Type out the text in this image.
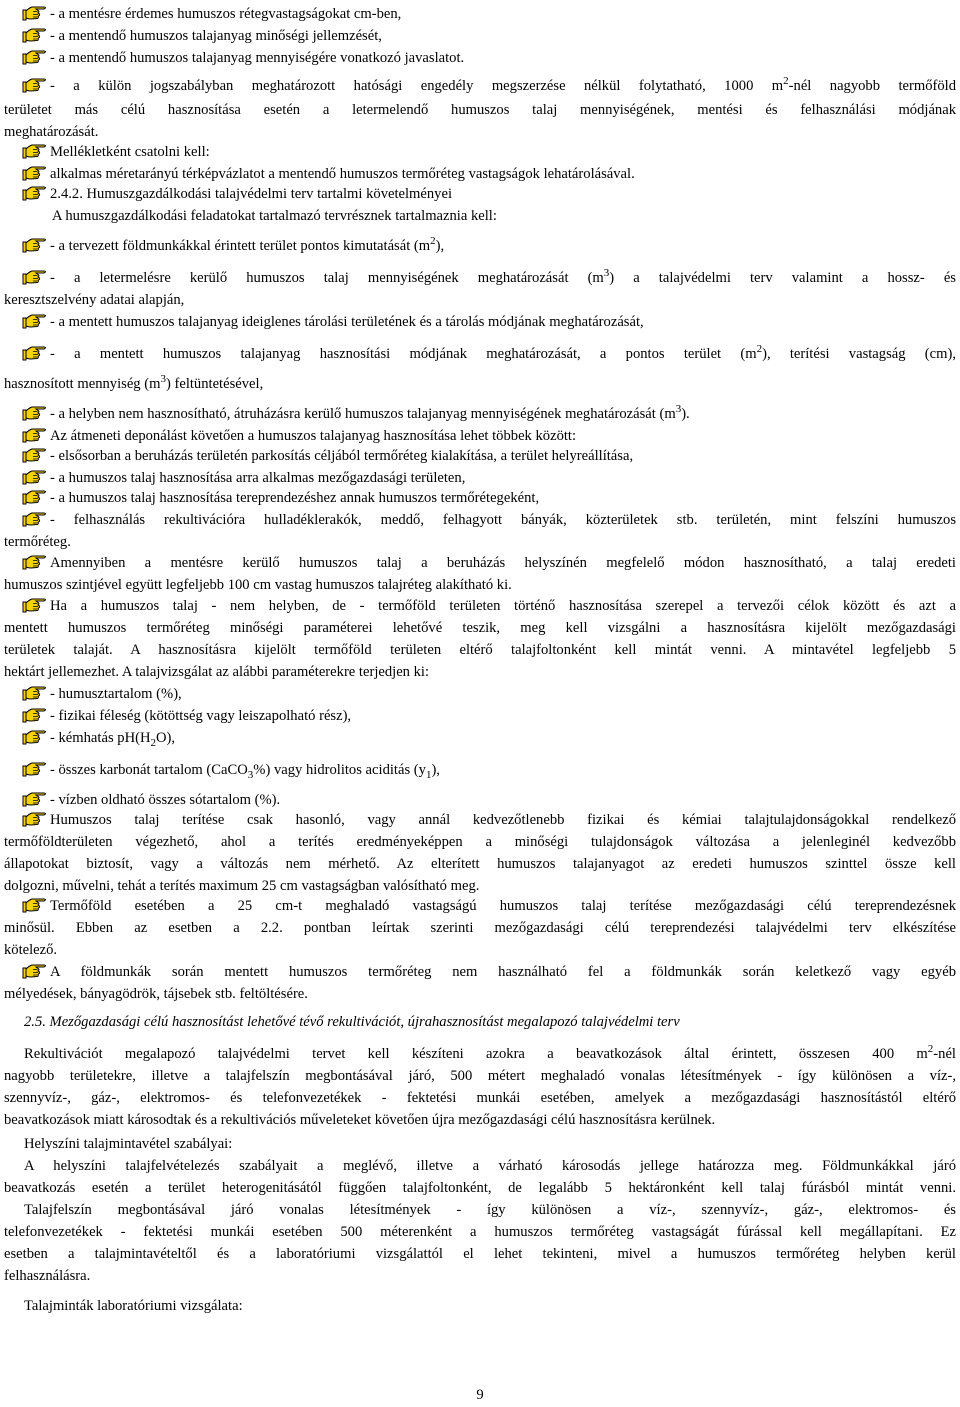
- a mentésre érdemes humuszos rétegvastagságokat cm-ben,
- a mentendő humuszos talajanyag minőségi jellemzését,
- a mentendő humuszos talajanyag mennyiségére vonatkozó javaslatot.
- a külön jogszabályban meghatározott hatósági engedély megszerzése nélkül folytatható, 1000 $m^2$-nél nagyobb termőföld
területet más célú hasznosítása esetén a letermelendő humuszos talaj mennyiségének, mentési és felhasználási módjának
meghatározását.
Mellékletként csatolni kell:
alkalmas méretarányú térképvázlatot a mentendő humuszos termőréteg vastagságok lehatárolásával.
2.4.2. Humuszgazdálkodási talajvédelmi terv tartalmi követelményei
A humuszgazdálkodási feladatokat tartalmazó tervrésznek tartalmaznia kell:
- a tervezett földmunkákkal érintett terület pontos kimutatását $(m^2)$,
- a letermelésre kerülő humuszos talaj mennyiségének meghatározását $(m^3)$ a talajvédelmi terv valamint a hossz- és
keresztszelvény adatai alapján,
- a mentett humuszos talajanyag ideiglenes tárolási területének és a tárolás módjának meghatározását,
- a mentett humuszos talajanyag hasznosítási módjának meghatározását, a pontos terület $(m^2)$, terítési vastagság (cm),
hasznosított mennyiség $(m^3)$ feltüntetésével,
- a helyben nem hasznosítható, átruházásra kerülő humuszos talajanyag mennyiségének meghatározását $(m^3)$.
Az átmeneti deponálást követően a humuszos talajanyag hasznosítása lehet többek között:
- elsősorban a beruházás területén parkosítás céljából termőréteg kialakítása, a terület helyreállítása,
- a humuszos talaj hasznosítása arra alkalmas mezőgazdasági területen,
- a humuszos talaj hasznosítása tereprendezéshez annak humuszos termőrétegeként,
- felhasználás rekultivációra hulladéklerakók, meddő, felhagyott bányák, közterületek stb. területén, mint felszíni humuszos
termőréteg.
Amennyiben a mentésre kerülő humuszos talaj a beruházás helyszínén megfelelő módon hasznosítható, a talaj eredeti
humuszos szintjével együtt legfeljebb 100 cm vastag humuszos talajréteg alakítható ki.
Ha a humuszos talaj - nem helyben, de - termőföld területen történő hasznosítása szerepel a tervezői célok között és azt a
mentett humuszos termőréteg minőségi paraméterei lehetővé teszik, meg kell vizsgálni a hasznosításra kijelölt mezőgazdasági
területek talaját. A hasznosításra kijelölt termőföld területen eltérő talajfoltonként kell mintát venni. A mintavétel legfeljebb 5
hektárt jellemezhet. A talajvizsgálat az alábbi paraméterekre terjedjen ki:
- humusztartalom (%),
- fizikai féleség (kötöttség vagy leiszapolható rész),
- kémhatás $pH(H_2O)$,
- összes karbonát tartalom (CaCO$_3$%) vagy hidrolitos aciditás $(y_1)$,
- vízben oldható összes sótartalom (%).
Humuszos talaj terítése csak hasonló, vagy annál kedvezőtlenebb fizikai és kémiai talajtulajdonságokkal rendelkező
termőföldterületen végezhető, ahol a terítés eredményeképpen a minőségi tulajdonságok változása a jelenleginél kedvezőbb
állapotokat biztosít, vagy a változás nem mérhető. Az elterített humuszos talajanyagot az eredeti humuszos szinttel össze kell
dolgozni, művelni, tehát a terítés maximum 25 cm vastagságban valósítható meg.
Termőföld esetében a 25 cm-t meghaladó vastagságú humuszos talaj terítése mezőgazdasági célú tereprendezésnek
minősül. Ebben az esetben a 2.2. pontban leírtak szerinti mezőgazdasági célú tereprendezési talajvédelmi terv elkészítése
kötelező.
A földmunkák során mentett humuszos termőréteg nem használható fel a földmunkák során keletkező vagy egyéb
mélyedések, bányagödrök, tájsebek stb. feltöltésére.
2.5. Mezőgazdasági célú hasznosítást lehetővé tévő rekultivációt, újrahasznosítást megalapozó talajvédelmi terv
Rekultivációt megalapozó talajvédelmi tervet kell készíteni azokra a beavatkozások által érintett, összesen 400 $m^2$-nél
nagyobb területekre, illetve a talajfelszín megbontásával járó, 500 métert meghaladó vonalas létesítmények - így különösen a víz-,
szennyvíz-, gáz-, elektromos- és telefonvezetékek - fektetési munkái esetében, amelyek a mezőgazdasági hasznosítástól eltérő
beavatkozások miatt károsodtak és a rekultivációs műveleteket követően újra mezőgazdasági célú hasznosításra kerülnek.
Helyszíni talajmintavétel szabályai:
A helyszíni talajfelvételezés szabályait a meglévő, illetve a várható károsodás jellege határozza meg. Földmunkákkal járó
beavatkozás esetén a terület heterogenitásától függően talajfoltonként, de legalább 5 hektáronként kell talaj fúrásból mintát venni.
Talajfelszín megbontásával járó vonalas létesítmények - így különösen a víz-, szennyvíz-, gáz-, elektromos- és
telefonvezetékek - fektetési munkái esetében 500 méterenként a humuszos termőréteg vastagságát fúrással kell megállapítani. Ez
esetben a talajmintavételtől és a laboratóriumi vizsgálattól el lehet tekinteni, mivel a humuszos termőréteg helyben kerül
felhasználásra.
Talajminták laboratóriumi vizsgálata:
9
